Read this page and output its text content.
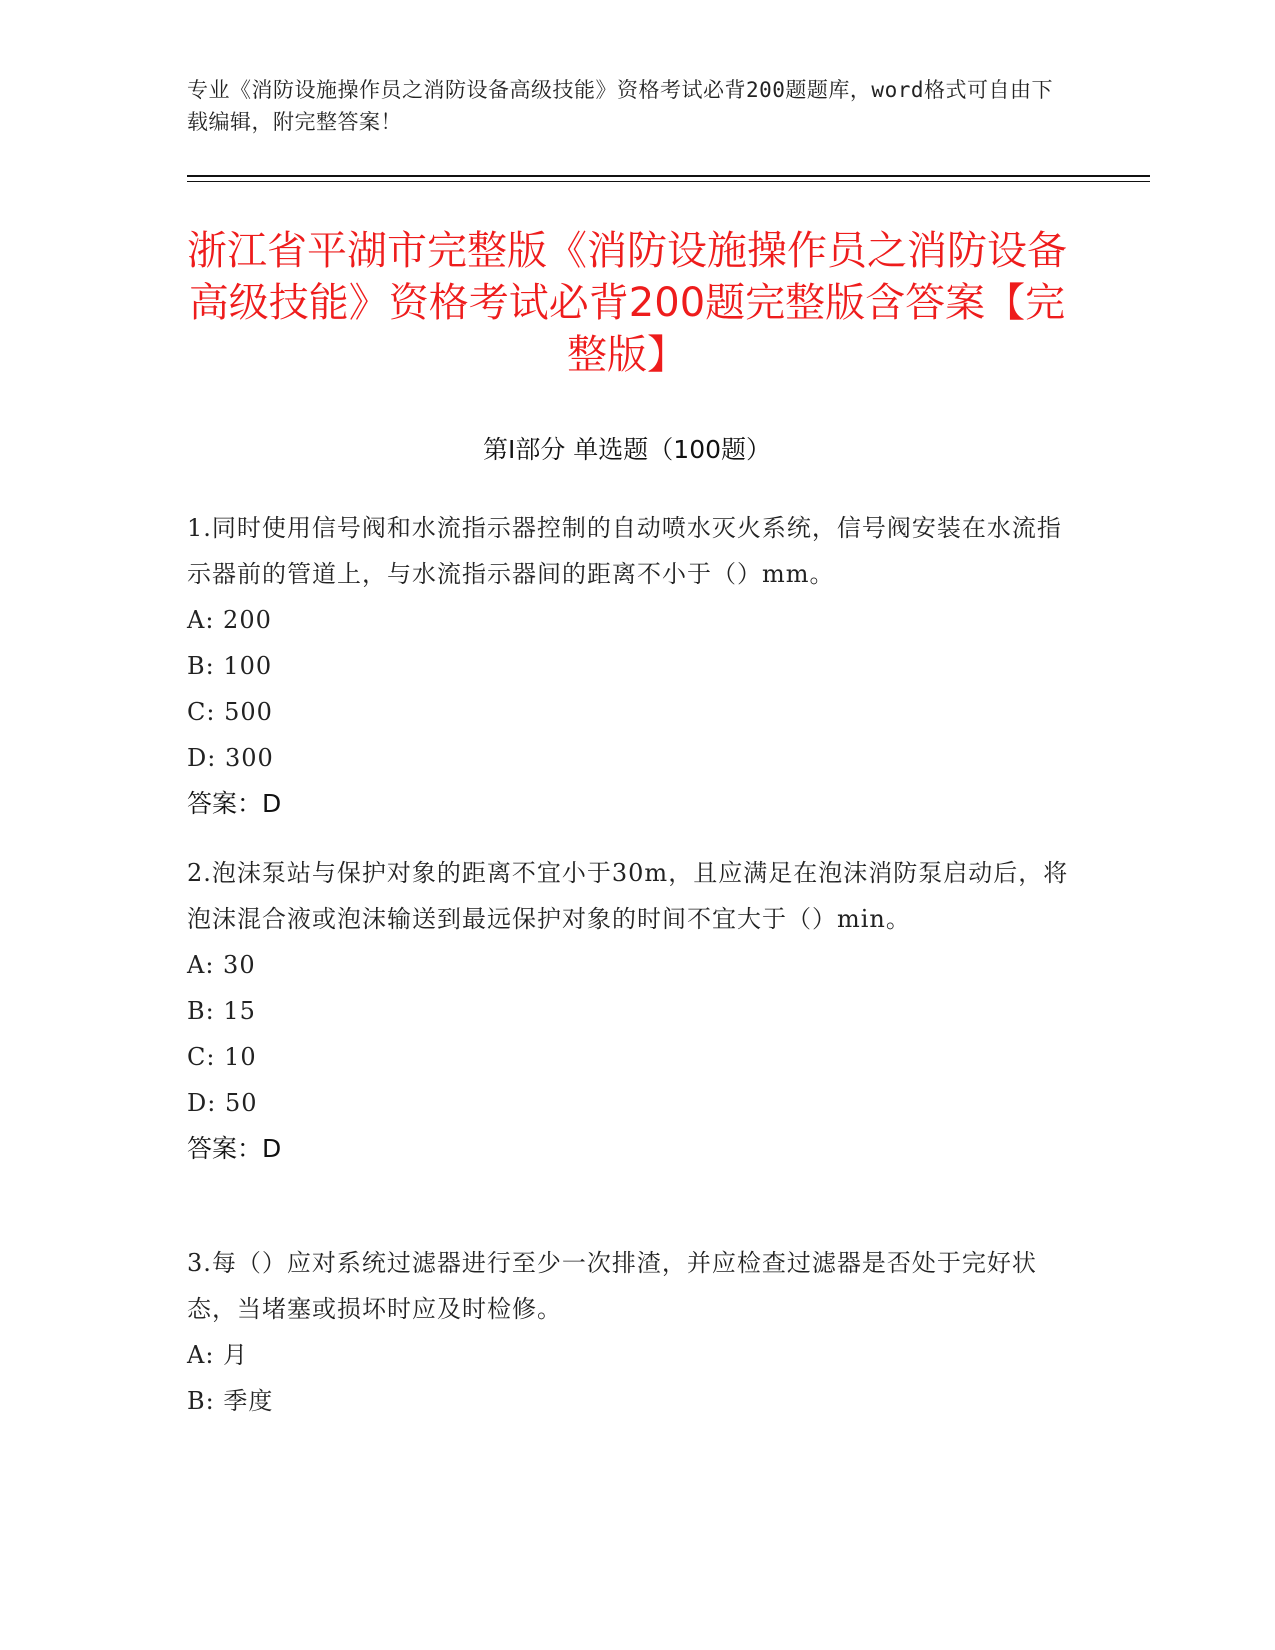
专业《消防设施操作员之消防设备高级技能》资格考试必背200题题库，word格式可自由下载编辑，附完整答案！
浙江省平湖市完整版《消防设施操作员之消防设备高级技能》资格考试必背200题完整版含答案【完整版】
第I部分 单选题（100题）
1.同时使用信号阀和水流指示器控制的自动喷水灭火系统，信号阀安装在水流指示器前的管道上，与水流指示器间的距离不小于（）mm。
A: 200
B: 100
C: 500
D: 300
答案：D
2.泡沫泵站与保护对象的距离不宜小于30m，且应满足在泡沫消防泵启动后，将泡沫混合液或泡沫输送到最远保护对象的时间不宜大于（）min。
A: 30
B: 15
C: 10
D: 50
答案：D
3.每（）应对系统过滤器进行至少一次排渣，并应检查过滤器是否处于完好状态，当堵塞或损坏时应及时检修。
A: 月
B: 季度
